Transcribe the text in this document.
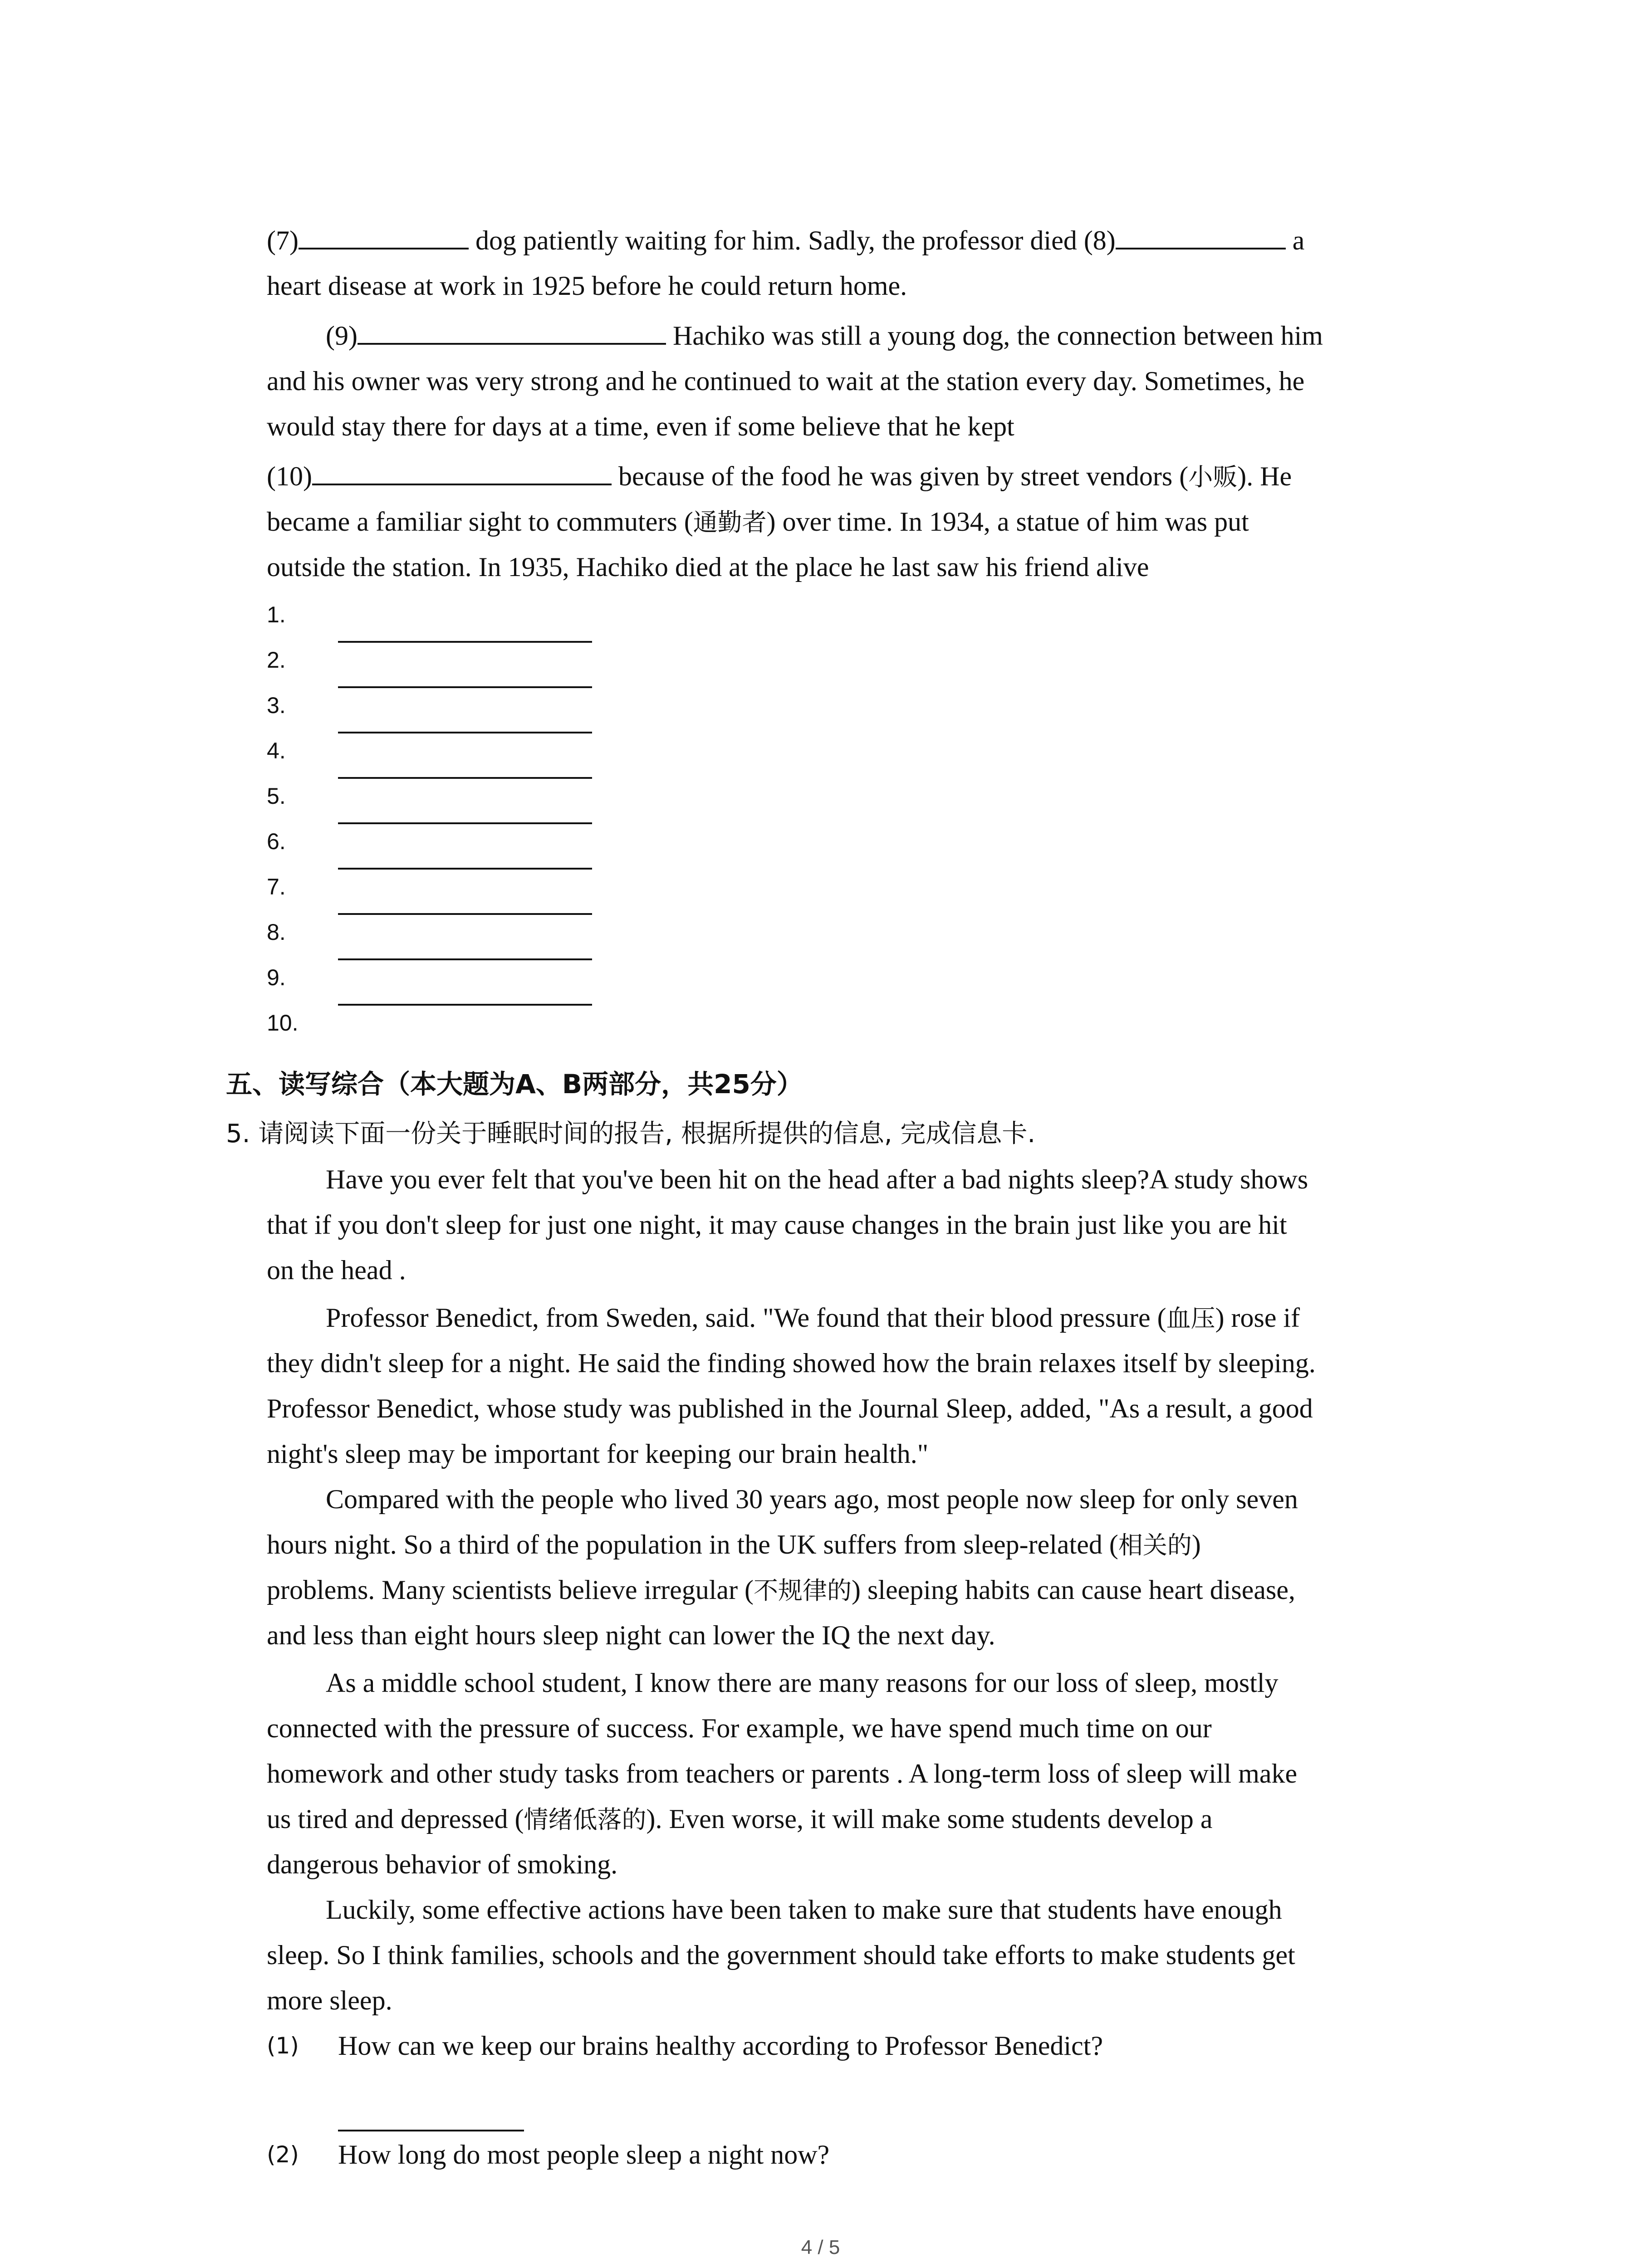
(7)	dog patiently waiting for him. Sadly, the professor died (8)	a
heart disease at work in 1925 before he could return home.
(9)	Hachiko was still a young dog, the connection between him
and his owner was very strong and he continued to wait at the station every day. Sometimes, he
would stay there for days at a time, even if some believe that he kept
(10)	because of the food he was given by street vendors (小贩). He
became a familiar sight to commuters (通勤者) over time. In 1934, a statue of him was put
outside the station. In 1935, Hachiko died at the place he last saw his friend alive
1.
2.
3.
4.
5.
6.
7.
8.
9.
10.
五、读写综合（本大题为A、B两部分，共25分）
5. 请阅读下面一份关于睡眠时间的报告, 根据所提供的信息, 完成信息卡.
Have you ever felt that you've been hit on the head after a bad nights sleep?A study shows
that if you don't sleep for just one night, it may cause changes in the brain just like you are hit
on the head .
Professor Benedict, from Sweden, said. "We found that their blood pressure (血压) rose if
they didn't sleep for a night. He said the finding showed how the brain relaxes itself by sleeping.
Professor Benedict, whose study was published in the Journal Sleep, added, "As a result, a good
night's sleep may be important for keeping our brain health."
Compared with the people who lived 30 years ago, most people now sleep for only seven
hours night. So a third of the population in the UK suffers from sleep-related (相关的)
problems. Many scientists believe irregular (不规律的) sleeping habits can cause heart disease,
and less than eight hours sleep night can lower the IQ the next day.
As a middle school student, I know there are many reasons for our loss of sleep, mostly
connected with the pressure of success. For example, we have spend much time on our
homework and other study tasks from teachers or parents . A long-term loss of sleep will make
us tired and depressed (情绪低落的). Even worse, it will make some students develop a
dangerous behavior of smoking.
Luckily, some effective actions have been taken to make sure that students have enough
sleep. So I think families, schools and the government should take efforts to make students get
more sleep.
(1) How can we keep our brains healthy according to Professor Benedict?
(2) How long do most people sleep a night now?
4 / 5
